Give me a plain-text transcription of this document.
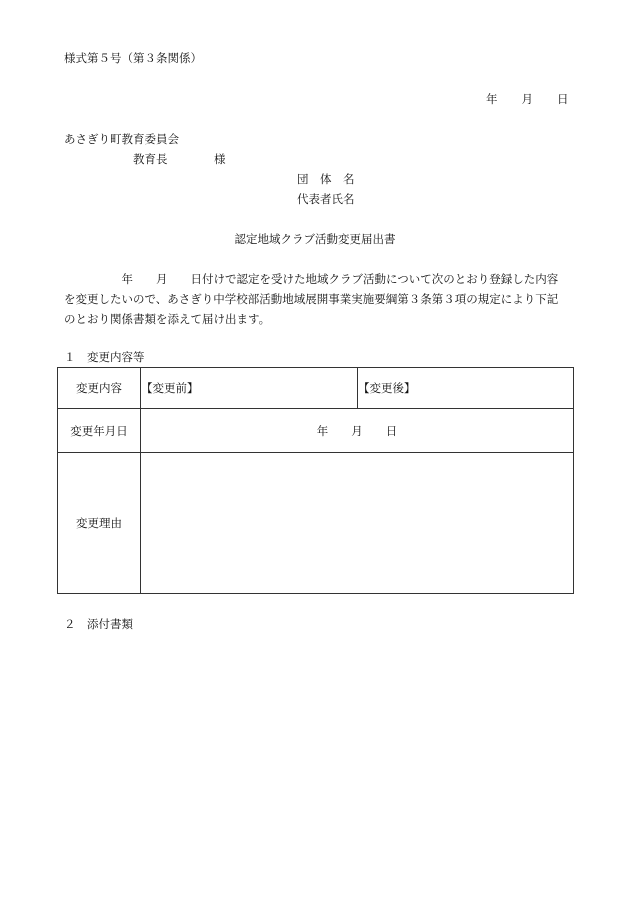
様式第５号（第３条関係）
年 月 日
あさぎり町教育委員会
教育長	様
団　体　名
代表者氏名
認定地域クラブ活動変更届出書
　　　　　年　　月　　日付けで認定を受けた地域クラブ活動について次のとおり登録した内容
を変更したいので、あさぎり中学校部活動地域展開事業実施要綱第３条第３項の規定により下記
のとおり関係書類を添えて届け出ます。
１　変更内容等
変更内容	【変更前】	【変更後】
変更年月日	年　　月　　日	
変更理由		
２　添付書類
